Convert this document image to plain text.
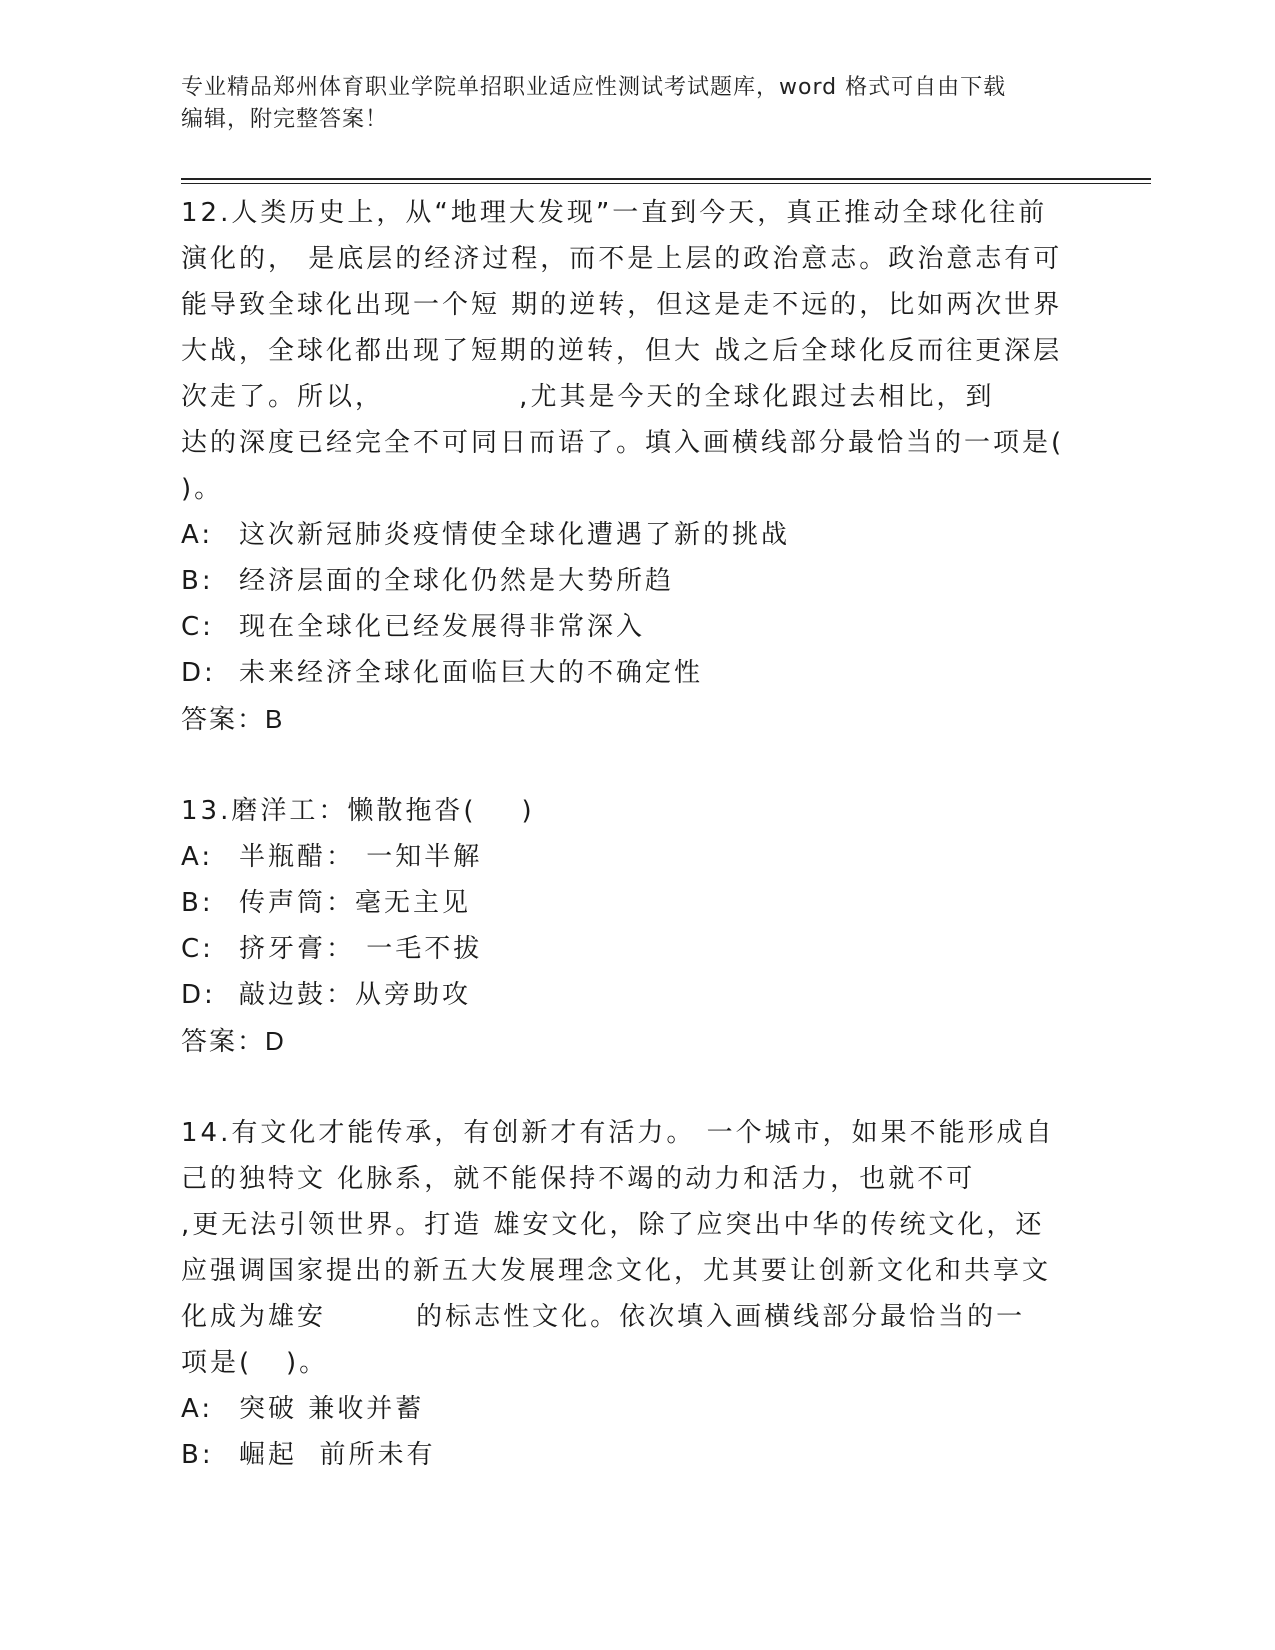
专业精品郑州体育职业学院单招职业适应性测试考试题库，word 格式可自由下载
编辑，附完整答案！
12.人类历史上，从“地理大发现”一直到今天，真正推动全球化往前
演化的， 是底层的经济过程，而不是上层的政治意志。政治意志有可
能导致全球化出现一个短 期的逆转，但这是走不远的，比如两次世界
大战，全球化都出现了短期的逆转，但大 战之后全球化反而往更深层
次走了。所以，            ,尤其是今天的全球化跟过去相比，到
达的深度已经完全不可同日而语了。填入画横线部分最恰当的一项是(
)。
A: 这次新冠肺炎疫情使全球化遭遇了新的挑战
B: 经济层面的全球化仍然是大势所趋
C: 现在全球化已经发展得非常深入
D: 未来经济全球化面临巨大的不确定性
答案：B
13.磨洋工：懒散拖沓(    )
A: 半瓶醋： 一知半解
B: 传声筒：毫无主见
C: 挤牙膏： 一毛不拔
D: 敲边鼓：从旁助攻
答案：D
14.有文化才能传承，有创新才有活力。 一个城市，如果不能形成自
己的独特文 化脉系，就不能保持不竭的动力和活力，也就不可
,更无法引领世界。打造 雄安文化，除了应突出中华的传统文化，还
应强调国家提出的新五大发展理念文化，尤其要让创新文化和共享文
化成为雄安        的标志性文化。依次填入画横线部分最恰当的一
项是(   )。
A: 突破 兼收并蓄
B: 崛起  前所未有
